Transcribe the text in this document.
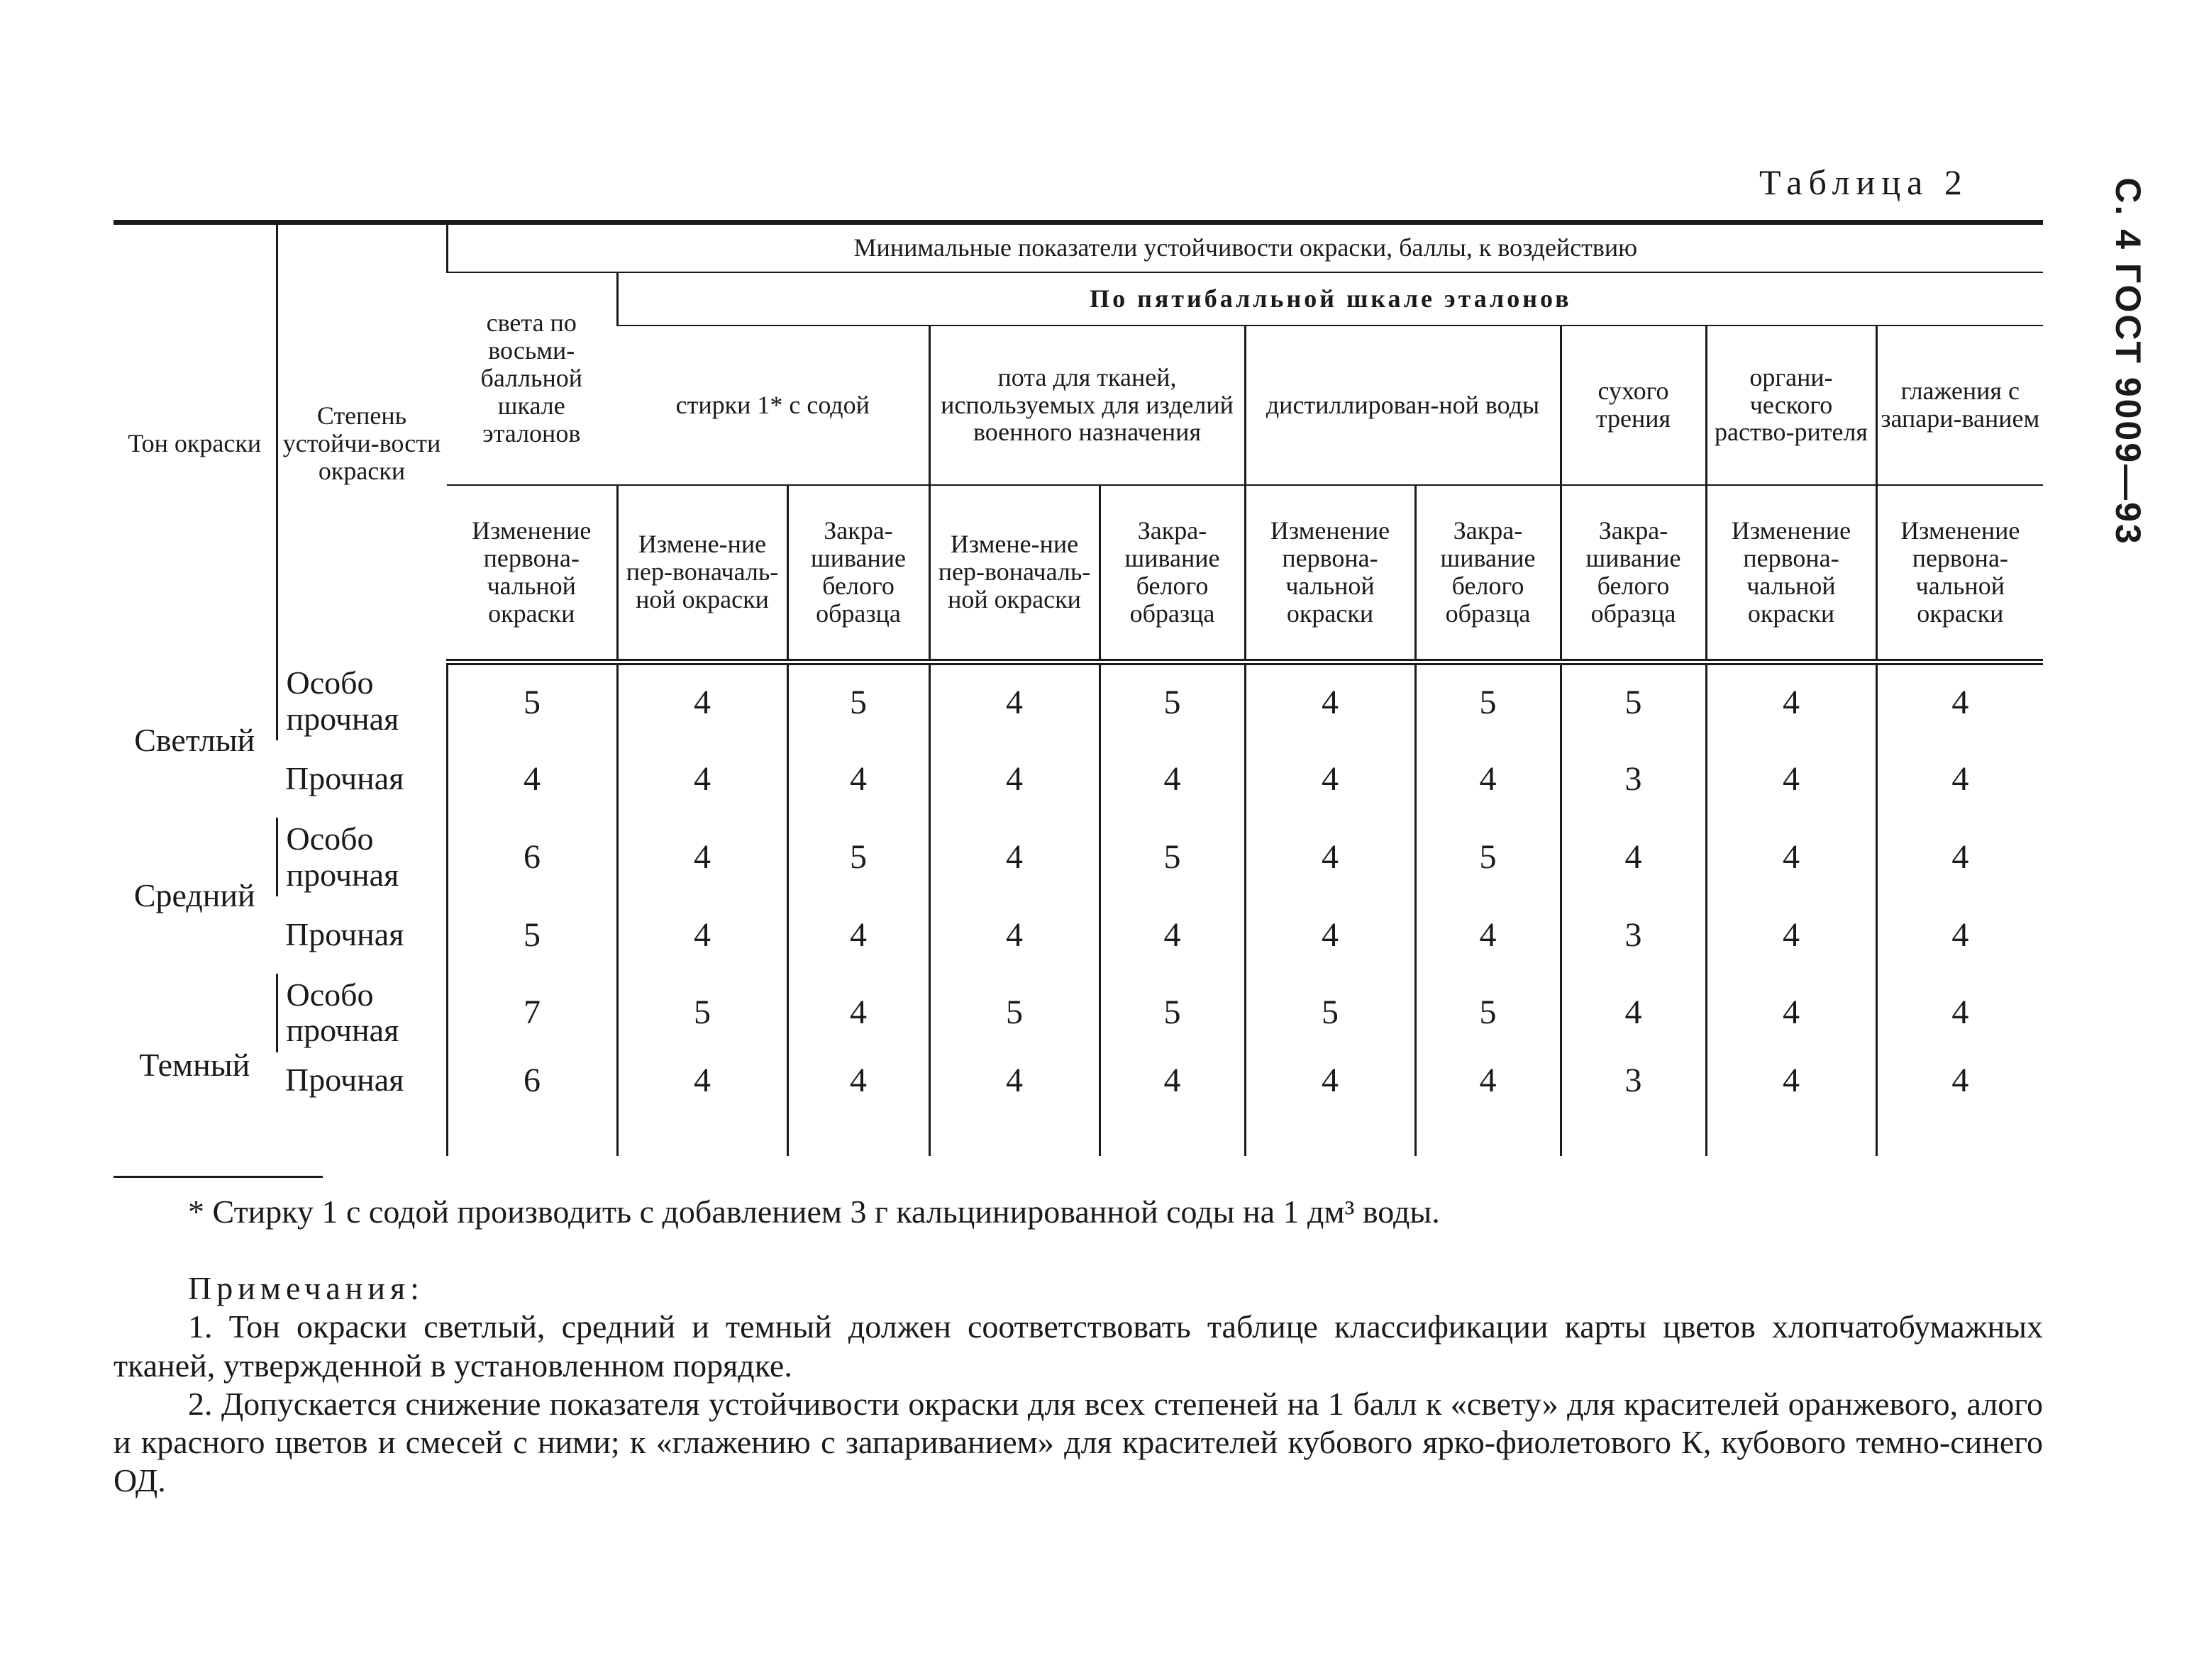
Таблица 2	С. 4 ГОСТ 9009—93
Тон окраски	Степень устойчи-вости окраски	Минимальные показатели устойчивости окраски, баллы, к воздействию									
		света по восьми-балльной шкале эталонов	По пятибалльной шкале эталонов								
			стирки 1* с содой		пота для тканей, используемых для изделий военного назначения		дистиллирован-ной воды		сухого трения	органи-ческого раство-рителя	глажения с запари-ванием
		Изменение первона-чальной окраски	Измене-ние пер-воначаль-ной окраски	Закра-шивание белого образца	Измене-ние пер-воначаль-ной окраски	Закра-шивание белого образца	Изменение первона-чальной окраски	Закра-шивание белого образца	Закра-шивание белого образца	Изменение первона-чальной окраски	Изменение первона-чальной окраски
Светлый	Особо прочная	5	4	5	4	5	4	5	5	4	4
	Прочная	4	4	4	4	4	4	4	3	4	4
Средний	Особо прочная	6	4	5	4	5	4	5	4	4	4
	Прочная	5	4	4	4	4	4	4	3	4	4
Темный	Особо прочная	7	5	4	5	5	5	5	4	4	4
	Прочная	6	4	4	4	4	4	4	3	4	4

* Стирку 1 с содой производить с добавлением 3 г кальцинированной соды на 1 дм³ воды.

Примечания:

1. Тон окраски светлый, средний и темный должен соответствовать таблице классификации карты цветов хлопчатобумажных тканей, утвержденной в установленном порядке.

2. Допускается снижение показателя устойчивости окраски для всех степеней на 1 балл к «свету» для красителей оранжевого, алого и красного цветов и смесей с ними; к «глажению с запариванием» для красителей кубового ярко-фиолетового К, кубового темно-синего ОД.
